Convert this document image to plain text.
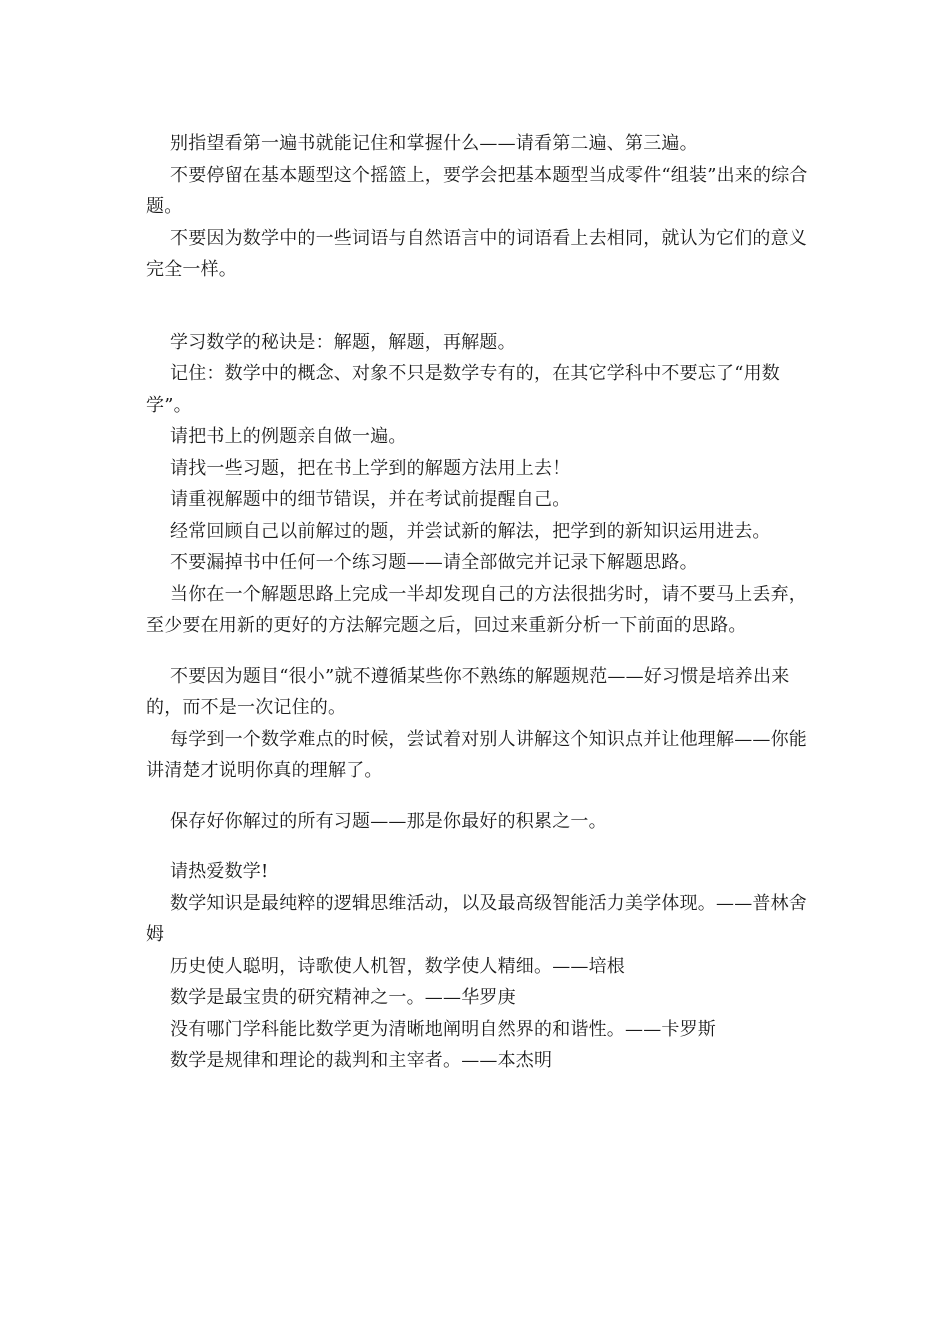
别指望看第一遍书就能记住和掌握什么——请看第二遍、第三遍。

不要停留在基本题型这个摇篮上，要学会把基本题型当成零件“组装”出来的综合题。

不要因为数学中的一些词语与自然语言中的词语看上去相同，就认为它们的意义完全一样。

学习数学的秘诀是：解题，解题，再解题。

记住：数学中的概念、对象不只是数学专有的，在其它学科中不要忘了“用数学”。

请把书上的例题亲自做一遍。

请找一些习题，把在书上学到的解题方法用上去！

请重视解题中的细节错误，并在考试前提醒自己。

经常回顾自己以前解过的题，并尝试新的解法，把学到的新知识运用进去。

不要漏掉书中任何一个练习题——请全部做完并记录下解题思路。

当你在一个解题思路上完成一半却发现自己的方法很拙劣时，请不要马上丢弃，至少要在用新的更好的方法解完题之后，回过来重新分析一下前面的思路。

不要因为题目“很小”就不遵循某些你不熟练的解题规范——好习惯是培养出来的，而不是一次记住的。

每学到一个数学难点的时候，尝试着对别人讲解这个知识点并让他理解——你能讲清楚才说明你真的理解了。

保存好你解过的所有习题——那是你最好的积累之一。

请热爱数学!

数学知识是最纯粹的逻辑思维活动，以及最高级智能活力美学体现。——普林舍姆

历史使人聪明，诗歌使人机智，数学使人精细。——培根

数学是最宝贵的研究精神之一。——华罗庚

没有哪门学科能比数学更为清晰地阐明自然界的和谐性。——卡罗斯

数学是规律和理论的裁判和主宰者。——本杰明
